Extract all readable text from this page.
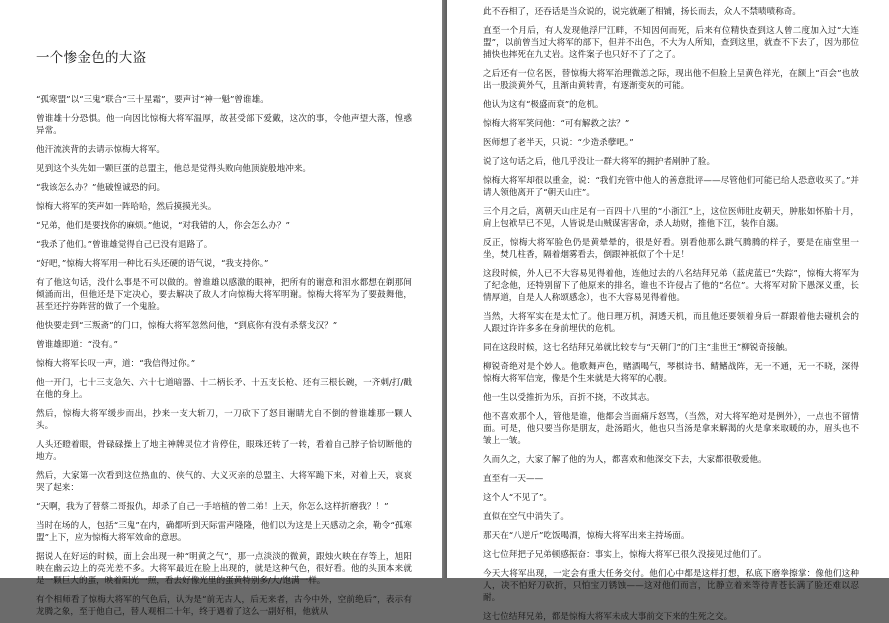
一个惨金色的大盗

“孤寒盟”以“三鬼”联合“三十星霜”，要声讨“神一魁”曾谁雄。

曾谁雄十分恐惧。他一向因比惊梅大将军温厚，故甚受部下爱戴，这次的事，令他声望大落，惶惑异常。

他汗流浃背的去请示惊梅大将军。

见到这个头先如一颗巨蛋的总盟主，他总是觉得头败向他顶旋般地冲来。

“我该怎么办？”他破惶诚恐的问。

惊梅大将军的笑声如一阵哈哈，然后摸摸光头。

“兄弟，他们是要找你的麻烦。”他说，“对我错的人，你会怎么办？”

“我杀了他们。”曾谁雄觉得自己已没有退路了。

“好吧，”惊梅大将军用一种比石头还硬的语气说，“我支持你。”

有了他这句话，没什么事是不可以做的。曾谁雄以感激的眼神，把所有的谢意和泪水都想在剃那间倾涌而出，但他还是下定决心，要去解决了敌人才向惊梅大将军明谢。惊梅大将军为了要鼓舞他，甚至还拧券阵营的做了一个鬼脸。

他快要走到“三叛斋”的门口，惊梅大将军忽然问他，“到底你有没有杀蔡戈汉？”

曾谁雄即道：“没有。”

惊梅大将军长叹一声，道：“我信得过你。”

他一开门，七十三支急矢、六十七道暗器、十二柄长矛、十五支长枪、还有三根长碗，一齐刺/打/戳在他的身上。

然后，惊梅大将军缓步而出，抄来一支大斩刀，一刀砍下了怒目谢睛尤自不倒的曾谁雄那一颗人头。

人头还瞪着眼，骨碌碌操上了地主神牌灵位才肯停住，眼珠还转了一转，看着自己脖子恰切断他的地方。

然后，大家第一次看到这位热血的、侠气的、大义灭亲的总盟主、大将军跪下来，对着上天，哀哀哭了起来：

“天啊，我为了替蔡二哥报仇，却杀了自己一手培植的曾二弟！上天，你怎么这样折磨我？！”

当时在场的人，包括“三鬼”在内，确都听到天际雷声隆隆，他们以为这是上天感动之余，勒令“孤寒盟”上下，应为惊梅大将军效命的意思。

据说人在好运的时候，面上会出现一种“明黄之气”，那一点淡淡的微黄，跟烛火映在存等上，旭阳映在幽云边上的亮光差不多。大将军最近在脸上出现的，就是这种气色，很好看。他的头顶本来就是一颗巨大的蛋，映着阳光一照，看去好像光里的蛋黄特别多/大/饱满一样。

有个相师看了惊梅大将军的气色后，认为是“前无古人，后无来者，古今中外，空前绝后”，表示有龙腾之象，至于他自己，替人观相二十年，终于遇着了这么一副好相，他就从

此不吞相了，还吞话是当众说的，说完就砸了相铺，扬长而去，众人不禁啧啧称奇。

直至一个月后，有人发现他浮尸江畔，不知因何而死，后来有位精快查到这人曾二度加入过“大连盟”，以前曾当过大将军的部下，但并不出色，不大为人所知，查到这里，就查不下去了，因为那位捕快也摔死在九丈岩。这件案子也只好不了了之了。

之后还有一位名医，替惊梅大将军治理微恙之际，现出他不但脸上呈黄色祥光，在额上“百会”也放出一股淡黄外气，且渐由黄转青，有逐渐变灰的可能。

他认为这有“极盛而衰”的危机。

惊梅大将军笑问他：“可有解救之法？”

医师想了老半天，只说：“少造杀孽吧。”

说了这句话之后，他几乎没让一群大将军的拥护者剐肿了脸。

惊梅大将军却很以重金，说：“我们充管中他人的善意批评——尽管他们可能已给人恐意收买了。”并请人领他离开了“朝天山庄”。

三个月之后，离朝天山庄足有一百四十八里的“小浙江”上，这位医师肚皮朝天，肿胀如怀胎十月，肩上包袱早已不见，人皆说是山贼谋害害命，杀人劫财，推他下江，装作自溺。

反正，惊梅大将军脸色仍是黄晕晕的，很是好看。别看他那么跳气腾腾的样子，要是在庙堂里一坐，焚几柱香，隔着烟雾看去，倒跟神祇似了个十足！

这段时候，外人已不大容易见得着他，连他过去的八名结拜兄弟（蓝虎蓝已“失踪”，惊梅大将军为了纪念他，还特别留下了他原来的排名，谁也不许侵占了他的“名位”。大将军对阶下愚深义重，长情厚道，自是人人称颂感念），也不大容易见得着他。

当然，大将军实在是太忙了。他日理万机，洞透天机，而且他还要领着身后一群跟着他去碰机会的人跟过许许多多在身前埋伏的危机。

同在这段时候，这七名结拜兄弟就比较专与“天朝门”的门主“韭世王”柳锐奇接触。

柳锐奇绝对是个妙人。他歌舞声色，赌酒喝气，琴棋诗书、鲭鳍战阵，无一不通，无一不晓，深得惊梅大将军信宠，像是个生来就是大将军的心腹。

他一生以受推折为乐，百折不挠，不改其志。

他不喜欢那个人，管他是谁，他都会当面痛斥怒骂，（当然，对大将军绝对是例外），一点也不留情面。可是，他只要当你是朋友，赴汤蹈火，他也只当汤是拿来解渴的火是拿来取暖的办，眉头也不皱上一皱。

久而久之，大家了解了他的为人，都喜欢和他深交下去，大家都很敬爱他。

直至有一天——

这个人“不见了”。

直似在空气中消失了。

那天在“八逆斤”吃饭喝酒，惊梅大将军出来主持场面。

这七位拜把子兄弟顿感振奋：事实上，惊梅大将军已很久没接见过他们了。

今天大将军出现，一定会有重大任务交付。他们心中都是这样打想，私底下磨拳擦掌：像他们这种人，决不怕好刀砍折，只怕宝刀锈蚀——这对他们而言，比静立着来等待青苍长满了脸还难以忍耐。

这七位结拜兄弟，都是惊梅大将军未成大事前交下来的生死之交。
